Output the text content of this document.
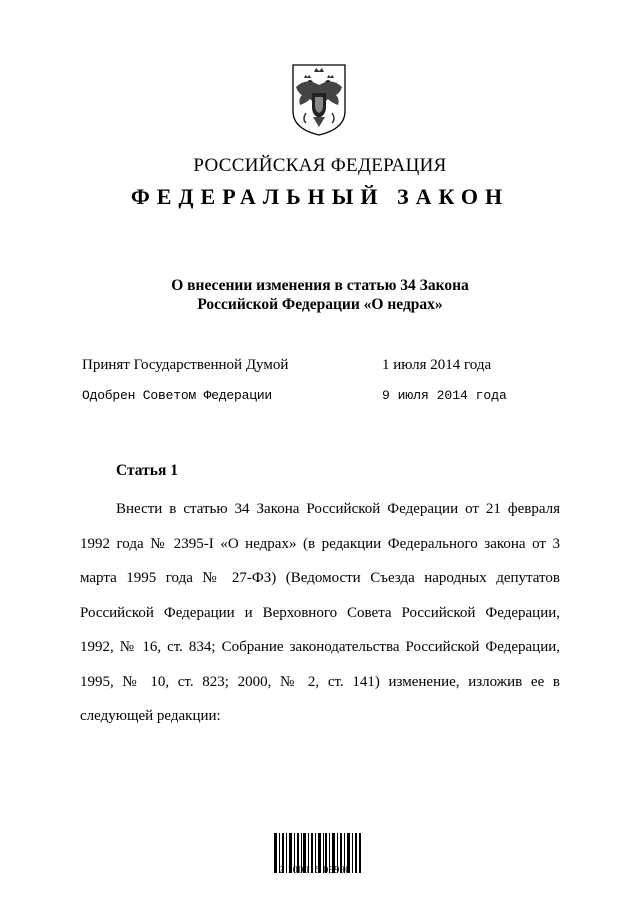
РОССИЙСКАЯ ФЕДЕРАЦИЯ
ФЕДЕРАЛЬНЫЙ ЗАКОН
О внесении изменения в статью 34 Закона
Российской Федерации «О недрах»
Принят Государственной Думой	1 июля 2014 года
Одобрен Советом Федерации	9 июля 2014 года
Статья 1
Внести в статью 34 Закона Российской Федерации от 21 февраля 1992 года № 2395-I «О недрах» (в редакции Федерального закона от 3 марта 1995 года № 27-ФЗ) (Ведомости Съезда народных депутатов Российской Федерации и Верховного Совета Российской Федерации, 1992, № 16, ст. 834; Собрание законодательства Российской Федерации, 1995, № 10, ст. 823; 2000, № 2, ст. 141) изменение, изложив ее в следующей редакции:
2 100016 09990 1
